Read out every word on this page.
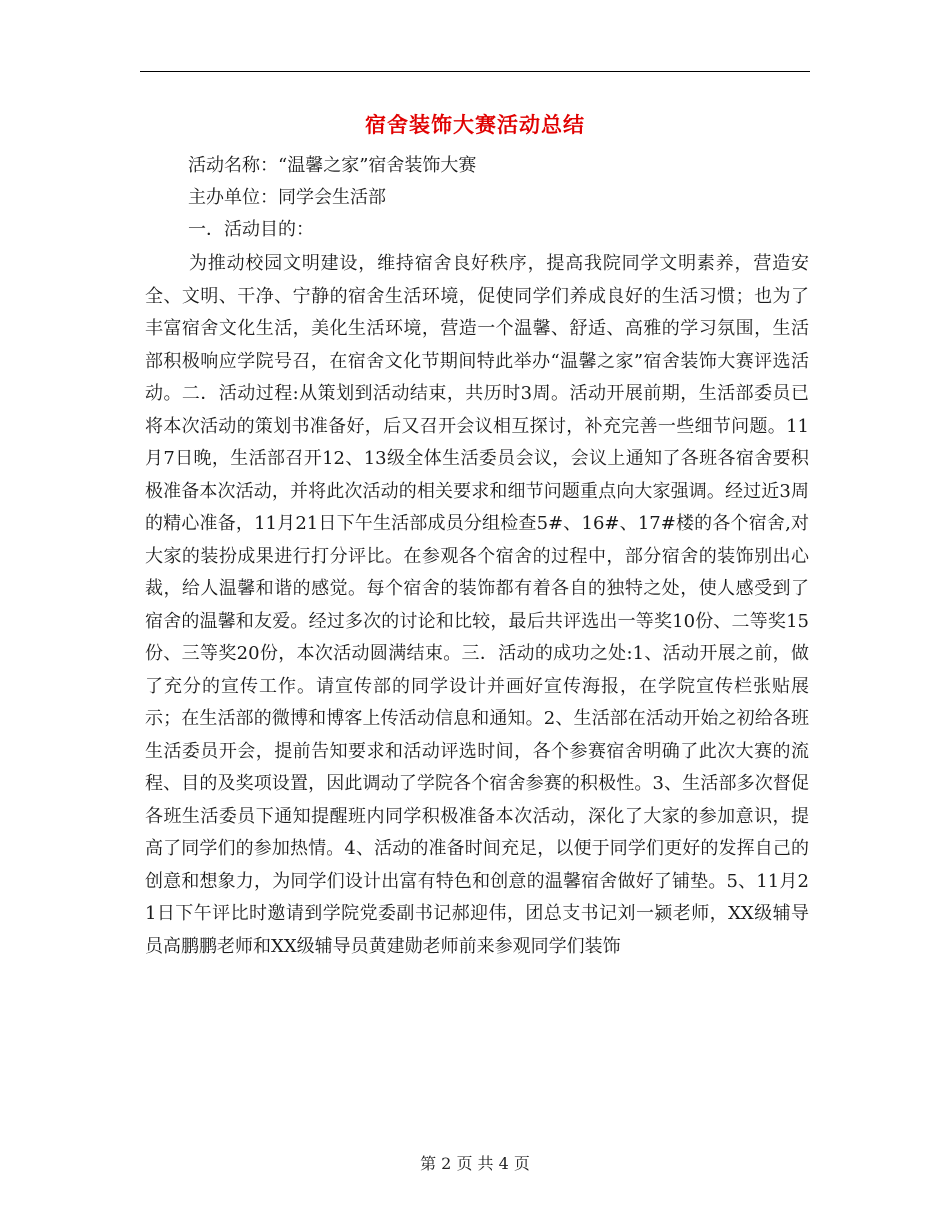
宿舍装饰大赛活动总结
活动名称：“温馨之家”宿舍装饰大赛
主办单位：同学会生活部
一．活动目的：

为推动校园文明建设，维持宿舍良好秩序，提高我院同学文明素养，营造安全、文明、干净、宁静的宿舍生活环境，促使同学们养成良好的生活习惯；也为了丰富宿舍文化生活，美化生活环境，营造一个温馨、舒适、高雅的学习氛围，生活部积极响应学院号召，在宿舍文化节期间特此举办“温馨之家”宿舍装饰大赛评选活动。二．活动过程:从策划到活动结束，共历时3周。活动开展前期，生活部委员已将本次活动的策划书准备好，后又召开会议相互探讨，补充完善一些细节问题。11月7日晚，生活部召开12、13级全体生活委员会议，会议上通知了各班各宿舍要积极准备本次活动，并将此次活动的相关要求和细节问题重点向大家强调。经过近3周的精心准备，11月21日下午生活部成员分组检查5#、16#、17#楼的各个宿舍,对大家的装扮成果进行打分评比。在参观各个宿舍的过程中，部分宿舍的装饰别出心裁，给人温馨和谐的感觉。每个宿舍的装饰都有着各自的独特之处，使人感受到了宿舍的温馨和友爱。经过多次的讨论和比较，最后共评选出一等奖10份、二等奖15份、三等奖20份，本次活动圆满结束。三．活动的成功之处:1、活动开展之前，做了充分的宣传工作。请宣传部的同学设计并画好宣传海报，在学院宣传栏张贴展示；在生活部的微博和博客上传活动信息和通知。2、生活部在活动开始之初给各班生活委员开会，提前告知要求和活动评选时间，各个参赛宿舍明确了此次大赛的流程、目的及奖项设置，因此调动了学院各个宿舍参赛的积极性。3、生活部多次督促各班生活委员下通知提醒班内同学积极准备本次活动，深化了大家的参加意识，提高了同学们的参加热情。4、活动的准备时间充足，以便于同学们更好的发挥自己的创意和想象力，为同学们设计出富有特色和创意的温馨宿舍做好了铺垫。5、11月21日下午评比时邀请到学院党委副书记郝迎伟，团总支书记刘一颍老师，XX级辅导员高鹏鹏老师和XX级辅导员黄建勋老师前来参观同学们装饰

第 2 页 共 4 页
